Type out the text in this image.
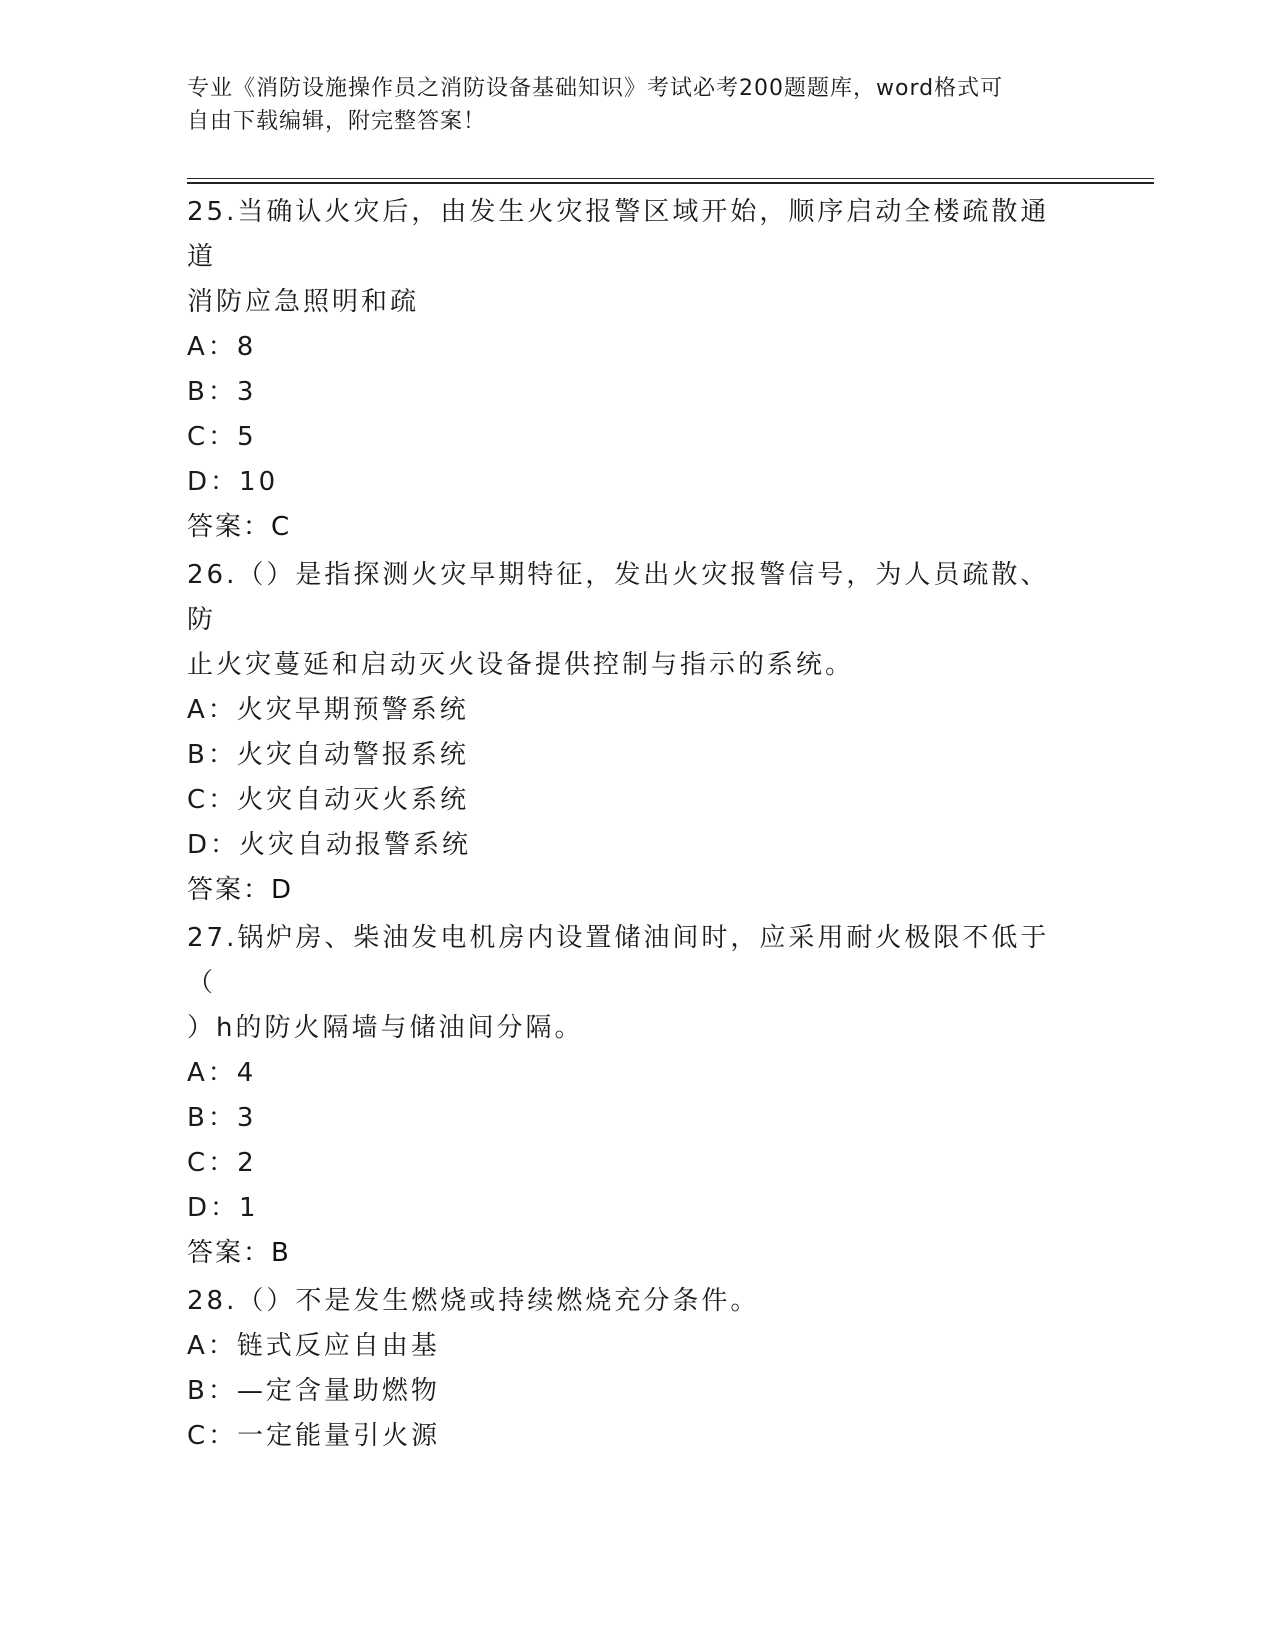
专业《消防设施操作员之消防设备基础知识》考试必考200题题库，word格式可
自由下载编辑，附完整答案！

25.当确认火灾后，由发生火灾报警区域开始，顺序启动全楼疏散通道

消防应急照明和疏

A：8

B：3

C：5

D：10

答案：C

26.（）是指探测火灾早期特征，发出火灾报警信号，为人员疏散、防

止火灾蔓延和启动灭火设备提供控制与指示的系统。

A：火灾早期预警系统

B：火灾自动警报系统

C：火灾自动灭火系统

D：火灾自动报警系统

答案：D

27.锅炉房、柴油发电机房内设置储油间时，应采用耐火极限不低于（

）h的防火隔墙与储油间分隔。

A：4

B：3

C：2

D：1

答案：B

28.（）不是发生燃烧或持续燃烧充分条件。

A：链式反应自由基

B：—定含量助燃物

C：一定能量引火源
